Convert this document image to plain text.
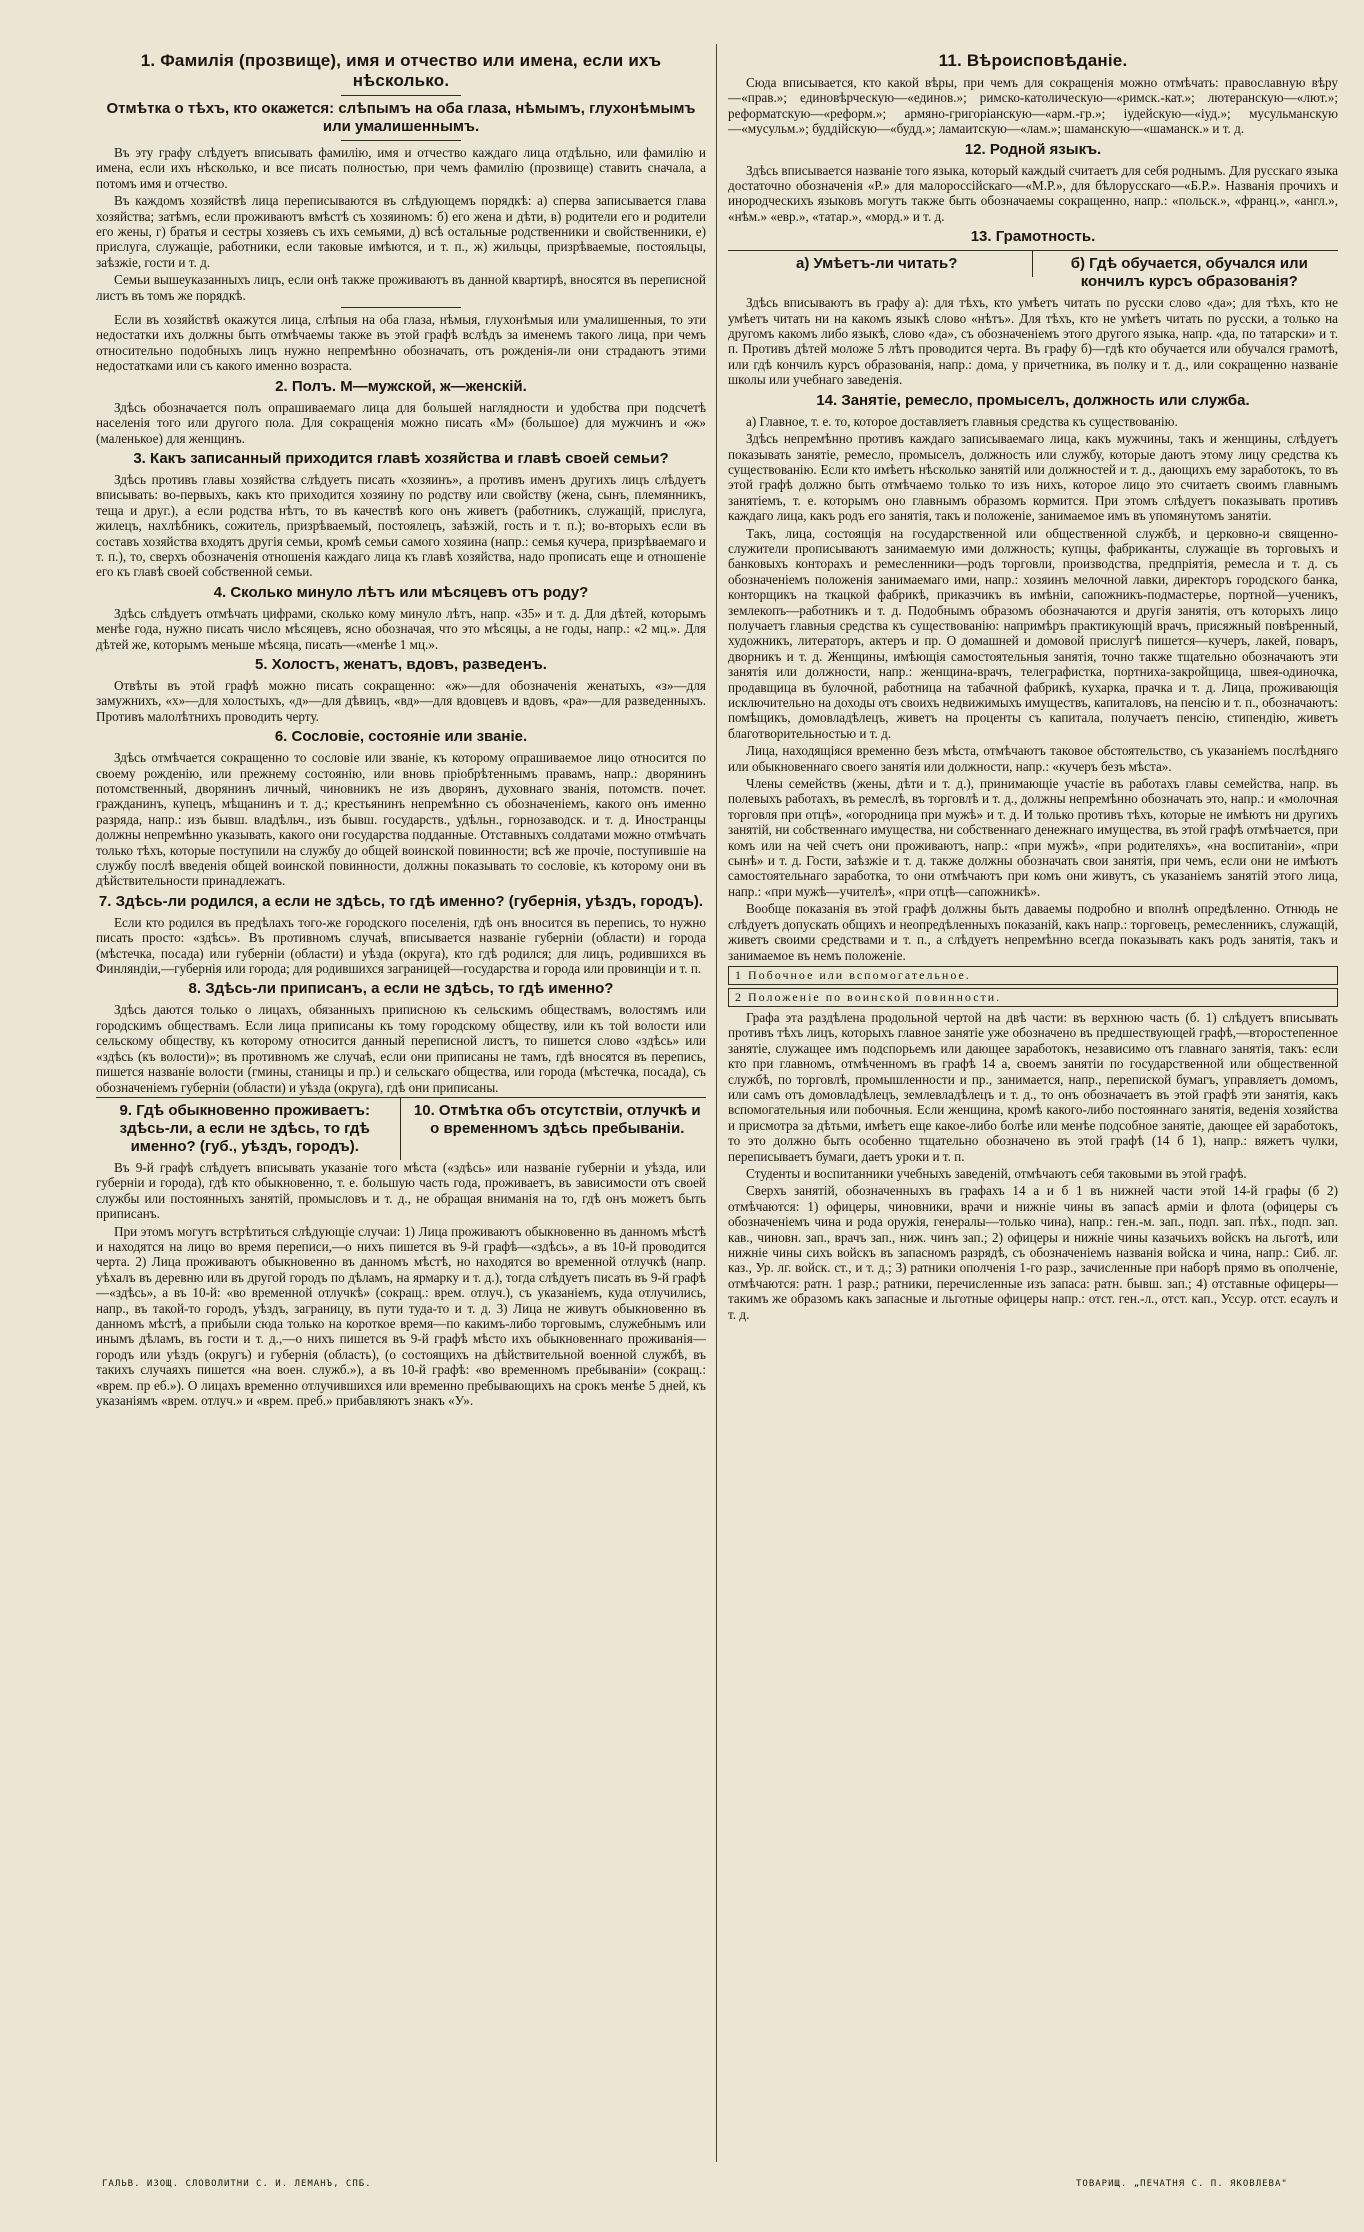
1. Фамилія (прозвище), имя и отчество или имена, если ихъ нѣсколько.
Отмѣтка о тѣхъ, кто окажется: слѣпымъ на оба глаза, нѣмымъ, глухонѣмымъ или умалишеннымъ.

Въ эту графу слѣдуетъ вписывать фамилію, имя и отчество каждаго лица отдѣльно, или фамилію и имена, если ихъ нѣсколько, и все писать полностью, при чемъ фамилію (прозвище) ставить сначала, а потомъ имя и отчество.

Въ каждомъ хозяйствѣ лица переписываются въ слѣдующемъ порядкѣ: а) сперва записывается глава хозяйства; затѣмъ, если проживаютъ вмѣстѣ съ хозяиномъ: б) его жена и дѣти, в) родители его и родители его жены, г) братья и сестры хозяевъ съ ихъ семьями, д) всѣ остальные родственники и свойственники, е) прислуга, служащіе, работники, если таковые имѣются, и т. п., ж) жильцы, призрѣваемые, постояльцы, заѣзжіе, гости и т. д.

Семьи вышеуказанныхъ лицъ, если онѣ также проживаютъ въ данной квартирѣ, вносятся въ переписной листъ въ томъ же порядкѣ.

Если въ хозяйствѣ окажутся лица, слѣпыя на оба глаза, нѣмыя, глухонѣмыя или умалишенныя, то эти недостатки ихъ должны быть отмѣчаемы также въ этой графѣ вслѣдъ за именемъ такого лица, при чемъ относительно подобныхъ лицъ нужно непремѣнно обозначать, отъ рожденія-ли они страдаютъ этими недостатками или съ какого именно возраста.

2. Полъ. М—мужской, ж—женскій.

Здѣсь обозначается полъ опрашиваемаго лица для большей наглядности и удобства при подсчетѣ населенія того или другого пола. Для сокращенія можно писать «М» (большое) для мужчинъ и «ж» (маленькое) для женщинъ.

3. Какъ записанный приходится главѣ хозяйства и главѣ своей семьи?

Здѣсь противъ главы хозяйства слѣдуетъ писать «хозяинъ», а противъ именъ другихъ лицъ слѣдуетъ вписывать: во-первыхъ, какъ кто приходится хозяину по родству или свойству (жена, сынъ, племянникъ, теща и друг.), а если родства нѣтъ, то въ качествѣ кого онъ живетъ (работникъ, служащій, прислуга, жилецъ, нахлѣбникъ, сожитель, призрѣваемый, постоялецъ, заѣзжій, гость и т. п.); во-вторыхъ если въ составъ хозяйства входятъ другія семьи, кромѣ семьи самого хозяина (напр.: семья кучера, призрѣваемаго и т. п.), то, сверхъ обозначенія отношенія каждаго лица къ главѣ хозяйства, надо прописать еще и отношеніе его къ главѣ своей собственной семьи.

4. Сколько минуло лѣтъ или мѣсяцевъ отъ роду?

Здѣсь слѣдуетъ отмѣчать цифрами, сколько кому минуло лѣтъ, напр. «35» и т. д. Для дѣтей, которымъ менѣе года, нужно писать число мѣсяцевъ, ясно обозначая, что это мѣсяцы, а не годы, напр.: «2 мц.». Для дѣтей же, которымъ меньше мѣсяца, писать—«менѣе 1 мц.».

5. Холостъ, женатъ, вдовъ, разведенъ.

Отвѣты въ этой графѣ можно писать сокращенно: «ж»—для обозначенія женатыхъ, «з»—для замужнихъ, «х»—для холостыхъ, «д»—для дѣвицъ, «вд»—для вдовцевъ и вдовъ, «ра»—для разведенныхъ. Противъ малолѣтнихъ проводить черту.

6. Сословіе, состояніе или званіе.

Здѣсь отмѣчается сокращенно то сословіе или званіе, къ которому опрашиваемое лицо относится по своему рожденію, или прежнему состоянію, или вновь пріобрѣтеннымъ правамъ, напр.: дворянинъ потомственный, дворянинъ личный, чиновникъ не изъ дворянъ, духовнаго званія, потомств. почет. гражданинъ, купецъ, мѣщанинъ и т. д.; крестьянинъ непремѣнно съ обозначеніемъ, какого онъ именно разряда, напр.: изъ бывш. владѣльч., изъ бывш. государств., удѣльн., горнозаводск. и т. д. Иностранцы должны непремѣнно указывать, какого они государства подданные. Отставныхъ солдатами можно отмѣчать только тѣхъ, которые поступили на службу до общей воинской повинности; всѣ же прочіе, поступившіе на службу послѣ введенія общей воинской повинности, должны показывать то сословіе, къ которому они въ дѣйствительности принадлежатъ.

7. Здѣсь-ли родился, а если не здѣсь, то гдѣ именно? (губернія, уѣздъ, городъ).

Если кто родился въ предѣлахъ того-же городского поселенія, гдѣ онъ вносится въ перепись, то нужно писать просто: «здѣсь». Въ противномъ случаѣ, вписывается названіе губерніи (области) и города (мѣстечка, посада) или губерніи (области) и уѣзда (округа), кто гдѣ родился; для лицъ, родившихся въ Финляндіи,—губернія или города; для родившихся заграницей—государства и города или провинціи и т. п.

8. Здѣсь-ли приписанъ, а если не здѣсь, то гдѣ именно?

Здѣсь даются только о лицахъ, обязанныхъ приписною къ сельскимъ обществамъ, волостямъ или городскимъ обществамъ. Если лица приписаны къ тому городскому обществу, или къ той волости или сельскому обществу, къ которому относится данный переписной листъ, то пишется слово «здѣсь» или «здѣсь (къ волости)»; въ противномъ же случаѣ, если они приписаны не тамъ, гдѣ вносятся въ перепись, пишется названіе волости (гмины, станицы и пр.) и сельскаго общества, или города (мѣстечка, посада), съ обозначеніемъ губерніи (области) и уѣзда (округа), гдѣ они приписаны.

9. Гдѣ обыкновенно проживаетъ: здѣсь-ли, а если не здѣсь, то гдѣ именно? (губ., уѣздъ, городъ).
10. Отмѣтка объ отсутствіи, отлучкѣ и о временномъ здѣсь пребываніи.

Въ 9-й графѣ слѣдуетъ вписывать указаніе того мѣста («здѣсь» или названіе губерніи и уѣзда, или губерніи и города), гдѣ кто обыкновенно, т. е. большую часть года, проживаетъ, въ зависимости отъ своей службы или постоянныхъ занятій, промысловъ и т. д., не обращая вниманія на то, гдѣ онъ можетъ быть приписанъ.

При этомъ могутъ встрѣтиться слѣдующіе случаи: 1) Лица проживаютъ обыкновенно въ данномъ мѣстѣ и находятся на лицо во время переписи,—о нихъ пишется въ 9-й графѣ—«здѣсь», а въ 10-й проводится черта. 2) Лица проживаютъ обыкновенно въ данномъ мѣстѣ, но находятся во временной отлучкѣ (напр. уѣхалъ въ деревню или въ другой городъ по дѣламъ, на ярмарку и т. д.), тогда слѣдуетъ писать въ 9-й графѣ—«здѣсь», а въ 10-й: «во временной отлучкѣ» (сокращ.: врем. отлуч.), съ указаніемъ, куда отлучились, напр., въ такой-то городъ, уѣздъ, заграницу, въ пути туда-то и т. д. 3) Лица не живутъ обыкновенно въ данномъ мѣстѣ, а прибыли сюда только на короткое время—по какимъ-либо торговымъ, служебнымъ или инымъ дѣламъ, въ гости и т. д.,—о нихъ пишется въ 9-й графѣ мѣсто ихъ обыкновеннаго проживанія—городъ или уѣздъ (округъ) и губернія (область), (о состоящихъ на дѣйствительной военной службѣ, въ такихъ случаяхъ пишется «на воен. служб.»), а въ 10-й графѣ: «во временномъ пребываніи» (сокращ.: «врем. пр еб.»). О лицахъ временно отлучившихся или временно пребывающихъ на срокъ менѣе 5 дней, къ указаніямъ «врем. отлуч.» и «врем. преб.» прибавляютъ знакъ «У».

11. Вѣроисповѣданіе.

Сюда вписывается, кто какой вѣры, при чемъ для сокращенія можно отмѣчать: православную вѣру—«прав.»; единовѣрческую—«единов.»; римско-католическую—«римск.-кат.»; лютеранскую—«лют.»; реформатскую—«реформ.»; армяно-григоріанскую—«арм.-гр.»; іудейскую—«іуд.»; мусульманскую—«мусульм.»; буддійскую—«будд.»; ламаитскую—«лам.»; шаманскую—«шаманск.» и т. д.

12. Родной языкъ.

Здѣсь вписывается названіе того языка, который каждый считаетъ для себя роднымъ. Для русскаго языка достаточно обозначенія «Р.» для малороссійскаго—«М.Р.», для бѣлорусскаго—«Б.Р.». Названія прочихъ и инородческихъ языковъ могутъ также быть обозначаемы сокращенно, напр.: «польск.», «франц.», «англ.», «нѣм.» «евр.», «татар.», «морд.» и т. д.

13. Грамотность.
а) Умѣетъ-ли читать?	б) Гдѣ обучается, обучался или кончилъ курсъ образованія?

Здѣсь вписываютъ въ графу а): для тѣхъ, кто умѣетъ читать по русски слово «да»; для тѣхъ, кто не умѣетъ читать ни на какомъ языкѣ слово «нѣтъ». Для тѣхъ, кто не умѣетъ читать по русски, а только на другомъ какомъ либо языкѣ, слово «да», съ обозначеніемъ этого другого языка, напр. «да, по татарски» и т. п. Противъ дѣтей моложе 5 лѣтъ проводится черта. Въ графу б)—гдѣ кто обучается или обучался грамотѣ, или гдѣ кончилъ курсъ образованія, напр.: дома, у причетника, въ полку и т. д., или сокращенно названіе школы или учебнаго заведенія.

14. Занятіе, ремесло, промыселъ, должность или служба.

а) Главное, т. е. то, которое доставляетъ главныя средства къ существованію.

Здѣсь непремѣнно противъ каждаго записываемаго лица, какъ мужчины, такъ и женщины, слѣдуетъ показывать занятіе, ремесло, промыселъ, должность или службу, которые даютъ этому лицу средства къ существованію. Если кто имѣетъ нѣсколько занятій или должностей и т. д., дающихъ ему заработокъ, то въ этой графѣ должно быть отмѣчаемо только то изъ нихъ, которое лицо это считаетъ своимъ главнымъ занятіемъ, т. е. которымъ оно главнымъ образомъ кормится. При этомъ слѣдуетъ показывать противъ каждаго лица, какъ родъ его занятія, такъ и положеніе, занимаемое имъ въ упомянутомъ занятіи.

Такъ, лица, состоящія на государственной или общественной службѣ, и церковно-и священно-служители прописываютъ занимаемую ими должность; купцы, фабриканты, служащіе въ торговыхъ и банковыхъ конторахъ и ремесленники—родъ торговли, производства, предпріятія, ремесла и т. д. съ обозначеніемъ положенія занимаемаго ими, напр.: хозяинъ мелочной лавки, директоръ городского банка, конторщикъ на ткацкой фабрикѣ, приказчикъ въ имѣніи, сапожникъ-подмастерье, портной—ученикъ, землекопъ—работникъ и т. д. Подобнымъ образомъ обозначаются и другія занятія, отъ которыхъ лицо получаетъ главныя средства къ существованію: напримѣръ практикующій врачъ, присяжный повѣренный, художникъ, литераторъ, актеръ и пр. О домашней и домовой прислугѣ пишется—кучеръ, лакей, поваръ, дворникъ и т. д. Женщины, имѣющія самостоятельныя занятія, точно также тщательно обозначаютъ эти занятія или должности, напр.: женщина-врачъ, телеграфистка, портниха-закройщица, швея-одиночка, продавщица въ булочной, работница на табачной фабрикѣ, кухарка, прачка и т. д. Лица, проживающія исключительно на доходы отъ своихъ недвижимыхъ имуществъ, капиталовъ, на пенсію и т. п., обозначаютъ: помѣщикъ, домовладѣлецъ, живетъ на проценты съ капитала, получаетъ пенсію, стипендію, живетъ благотворительностью и т. д.

Лица, находящіяся временно безъ мѣста, отмѣчаютъ таковое обстоятельство, съ указаніемъ послѣдняго или обыкновеннаго своего занятія или должности, напр.: «кучеръ безъ мѣста».

Члены семействъ (жены, дѣти и т. д.), принимающіе участіе въ работахъ главы семейства, напр. въ полевыхъ работахъ, въ ремеслѣ, въ торговлѣ и т. д., должны непремѣнно обозначать это, напр.: и «молочная торговля при отцѣ», «огородница при мужѣ» и т. д. И только противъ тѣхъ, которые не имѣютъ ни другихъ занятій, ни собственнаго имущества, ни собственнаго денежнаго имущества, въ этой графѣ отмѣчается, при комъ или на чей счетъ они проживаютъ, напр.: «при мужѣ», «при родителяхъ», «на воспитаніи», «при сынѣ» и т. д. Гости, заѣзжіе и т. д. также должны обозначать свои занятія, при чемъ, если они не имѣютъ самостоятельнаго заработка, то они отмѣчаютъ при комъ они живутъ, съ указаніемъ занятій этого лица, напр.: «при мужѣ—учителѣ», «при отцѣ—сапожникѣ».

Вообще показанія въ этой графѣ должны быть даваемы подробно и вполнѣ опредѣленно. Отнюдь не слѣдуетъ допускать общихъ и неопредѣленныхъ показаній, какъ напр.: торговецъ, ремесленникъ, служащій, живетъ своими средствами и т. п., а слѣдуетъ непремѣнно всегда показывать какъ родъ занятія, такъ и занимаемое въ немъ положеніе.

1 Побочное или вспомогательное.
2 Положеніе по воинской повинности.

Графа эта раздѣлена продольной чертой на двѣ части: въ верхнюю часть (б. 1) слѣдуетъ вписывать противъ тѣхъ лицъ, которыхъ главное занятіе уже обозначено въ предшествующей графѣ,—второстепенное занятіе, служащее имъ подспорьемъ или дающее заработокъ, независимо отъ главнаго занятія, такъ: если кто при главномъ, отмѣченномъ въ графѣ 14 а, своемъ занятіи по государственной или общественной службѣ, по торговлѣ, промышленности и пр., занимается, напр., перепиской бумагъ, управляетъ домомъ, или самъ отъ домовладѣлецъ, землевладѣлецъ и т. д., то онъ обозначаетъ въ этой графѣ эти занятія, какъ вспомогательныя или побочныя. Если женщина, кромѣ какого-либо постояннаго занятія, веденія хозяйства и присмотра за дѣтьми, имѣетъ еще какое-либо болѣе или менѣе подсобное занятіе, дающее ей заработокъ, то это должно быть особенно тщательно обозначено въ этой графѣ (14 б 1), напр.: вяжетъ чулки, переписываетъ бумаги, даетъ уроки и т. п.

Студенты и воспитанники учебныхъ заведеній, отмѣчаютъ себя таковыми въ этой графѣ.

Сверхъ занятій, обозначенныхъ въ графахъ 14 а и б 1 въ нижней части этой 14-й графы (б 2) отмѣчаются: 1) офицеры, чиновники, врачи и нижніе чины въ запасѣ арміи и флота (офицеры съ обозначеніемъ чина и рода оружія, генералы—только чина), напр.: ген.-м. зап., подп. зап. пѣх., подп. зап. кав., чиновн. зап., врачъ зап., ниж. чинъ зап.; 2) офицеры и нижніе чины казачьихъ войскъ на льготѣ, или нижніе чины сихъ войскъ въ запасномъ разрядѣ, съ обозначеніемъ названія войска и чина, напр.: Сиб. лг. каз., Ур. лг. войск. ст., и т. д.; 3) ратники ополченія 1-го разр., зачисленные при наборѣ прямо въ ополченіе, отмѣчаются: ратн. 1 разр.; ратники, перечисленные изъ запаса: ратн. бывш. зап.; 4) отставные офицеры—такимъ же образомъ какъ запасные и льготные офицеры напр.: отст. ген.-л., отст. кап., Уссур. отст. есаулъ и т. д.

ГАЛЬВ. ИЗОЩ. СЛОВОЛИТНИ С. И. ЛЕМАНЪ, СПБ.	ТОВАРИЩ. „ПЕЧАТНЯ С. П. ЯКОВЛЕВА"
